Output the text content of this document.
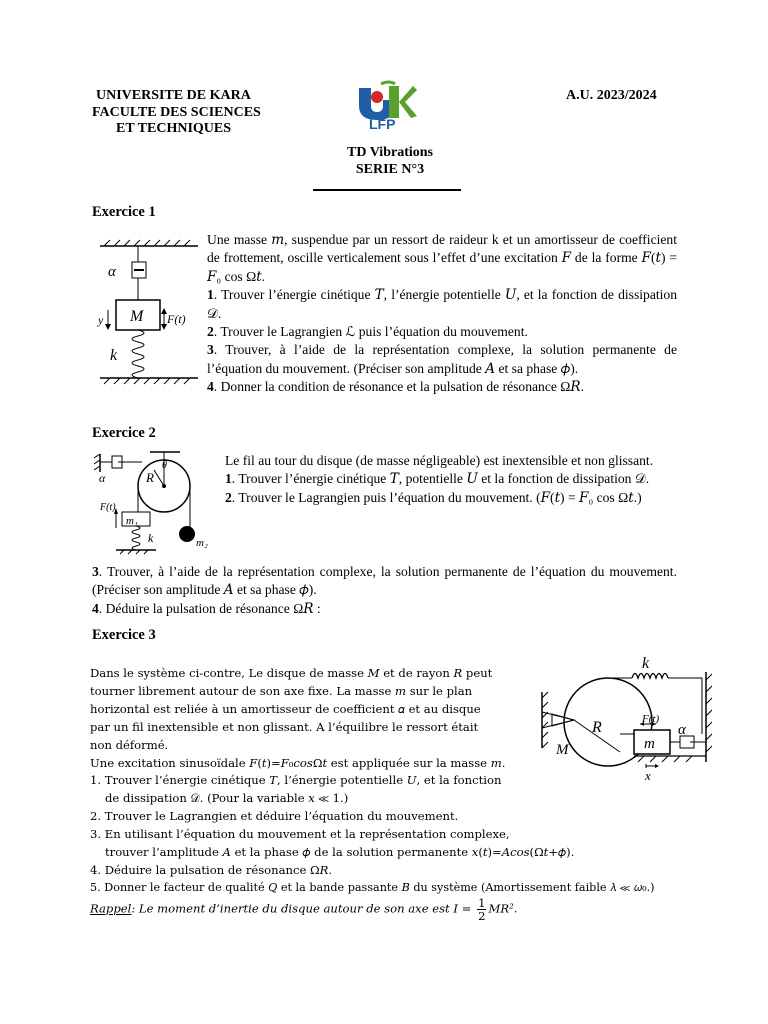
UNIVERSITE DE KARA
FACULTE DES SCIENCES
ET TECHNIQUES
A.U. 2023/2024
LFP
TD Vibrations
SERIE N°3
Exercice 1
α
M F(t)
y
k

Une masse 𝑚, suspendue par un ressort de raideur k et un amortisseur de coefficient de frottement, oscille verticalement sous l’effet d’une excitation 𝐹 de la forme 𝐹(𝑡) = 𝐹₀ cos Ω𝑡.

1. Trouver l’énergie cinétique 𝑇, l’énergie potentielle 𝑈, et la fonction de dissipation 𝒟.

2. Trouver le Lagrangien ℒ puis l’équation du mouvement.

3. Trouver, à l’aide de la représentation complexe, la solution permanente de l’équation du mouvement. (Préciser son amplitude 𝐴 et sa phase 𝜙).

4. Donner la condition de résonance et la pulsation de résonance Ω𝑅.

Exercice 2
α	R
θ
F(t)
m₁
k	m₂

Le fil au tour du disque (de masse négligeable) est inextensible et non glissant.

1. Trouver l’énergie cinétique 𝑇, potentielle 𝑈 et la fonction de dissipation 𝒟.

2. Trouver le Lagrangien puis l’équation du mouvement. (𝐹(𝑡) = 𝐹₀ cos Ω𝑡.)

3. Trouver, à l’aide de la représentation complexe, la solution permanente de l’équation du mouvement. (Préciser son amplitude 𝐴 et sa phase 𝜙).

4. Déduire la pulsation de résonance Ω𝑅 :

Exercice 3

Dans le système ci-contre, Le disque de masse 𝑀 et de rayon 𝑅 peut

tourner librement autour de son axe fixe. La masse 𝑚 sur le plan

horizontal est reliée à un amortisseur de coefficient 𝛼 et au disque

par un fil inextensible et non glissant. A l’équilibre le ressort était

non déformé.

Une excitation sinusoïdale 𝐹(𝑡)=𝐹₀𝑐𝑜𝑠Ω𝑡 est appliquée sur la masse 𝑚.

1. Trouver l’énergie cinétique 𝑇, l’énergie potentielle 𝑈, et la fonction

de dissipation 𝒟. (Pour la variable 𝑥 ≪ 1.)

2. Trouver le Lagrangien et déduire l’équation du mouvement.

3. En utilisant l’équation du mouvement et la représentation complexe,

trouver l’amplitude 𝐴 et la phase 𝜙 de la solution permanente 𝑥(𝑡)=𝐴𝑐𝑜𝑠(Ω𝑡+𝜙).

4. Déduire la pulsation de résonance Ω𝑅.

5. Donner le facteur de qualité 𝑄 et la bande passante 𝐵 du système (Amortissement faible 𝜆 ≪ 𝜔₀.)

Rappel: Le moment d’inertie du disque autour de son axe est 𝐼 = $\frac{1}{2}$ 𝑀𝑅².
k
R
M
F(t)
m
α
x
